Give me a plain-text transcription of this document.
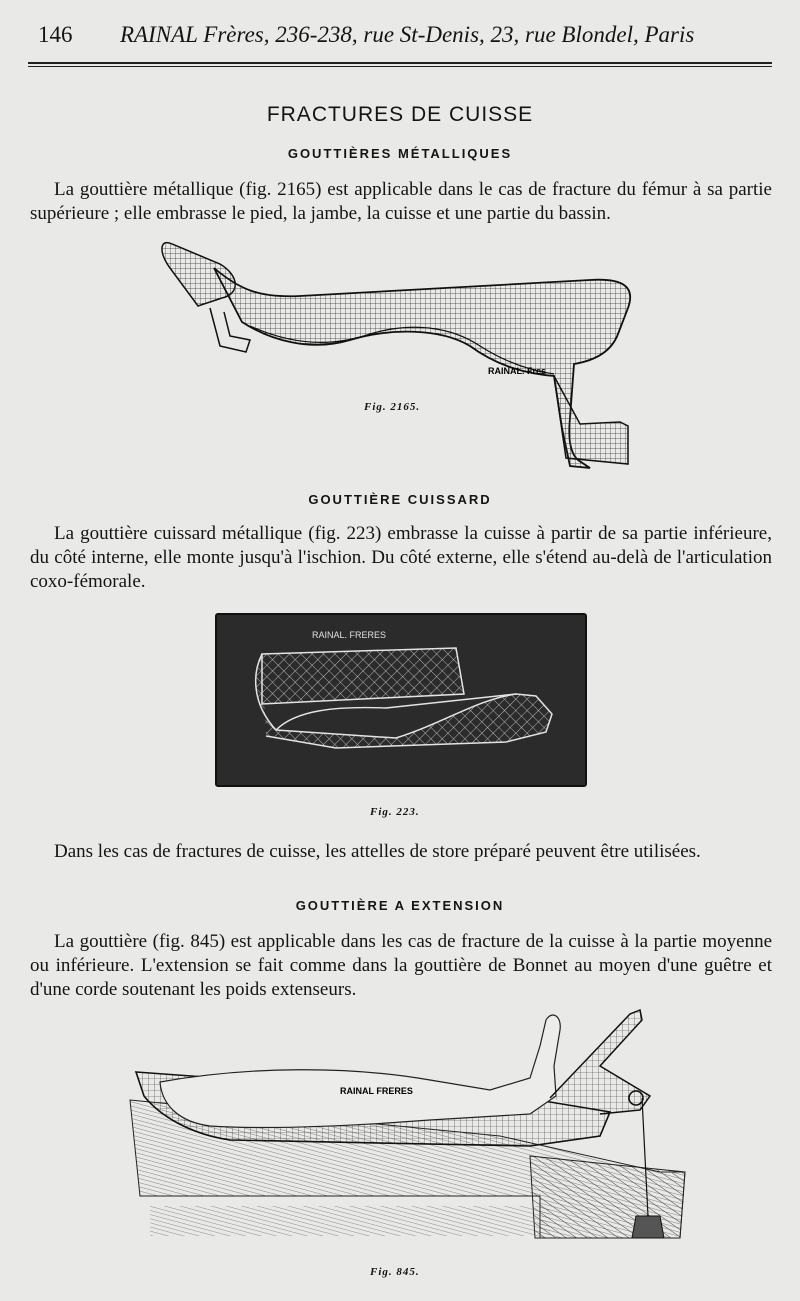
146 RAINAL Frères, 236-238, rue St-Denis, 23, rue Blondel, Paris
FRACTURES DE CUISSE
GOUTTIÈRES MÉTALLIQUES
La gouttière métallique (fig. 2165) est applicable dans le cas de fracture du fémur à sa partie supérieure ; elle embrasse le pied, la jambe, la cuisse et une partie du bassin.
RAINAL. Fres
Fig. 2165.
GOUTTIÈRE CUISSARD
La gouttière cuissard métallique (fig. 223) embrasse la cuisse à partir de sa partie inférieure, du côté interne, elle monte jusqu'à l'ischion. Du côté externe, elle s'étend au-delà de l'articulation coxo-fémorale.
RAINAL. FRERES
Fig. 223.
Dans les cas de fractures de cuisse, les attelles de store préparé peuvent être utilisées.
GOUTTIÈRE A EXTENSION
La gouttière (fig. 845) est applicable dans les cas de fracture de la cuisse à la partie moyenne ou inférieure. L'extension se fait comme dans la gouttière de Bonnet au moyen d'une guêtre et d'une corde soutenant les poids extenseurs.
RAINAL FRERES
Fig. 845.
